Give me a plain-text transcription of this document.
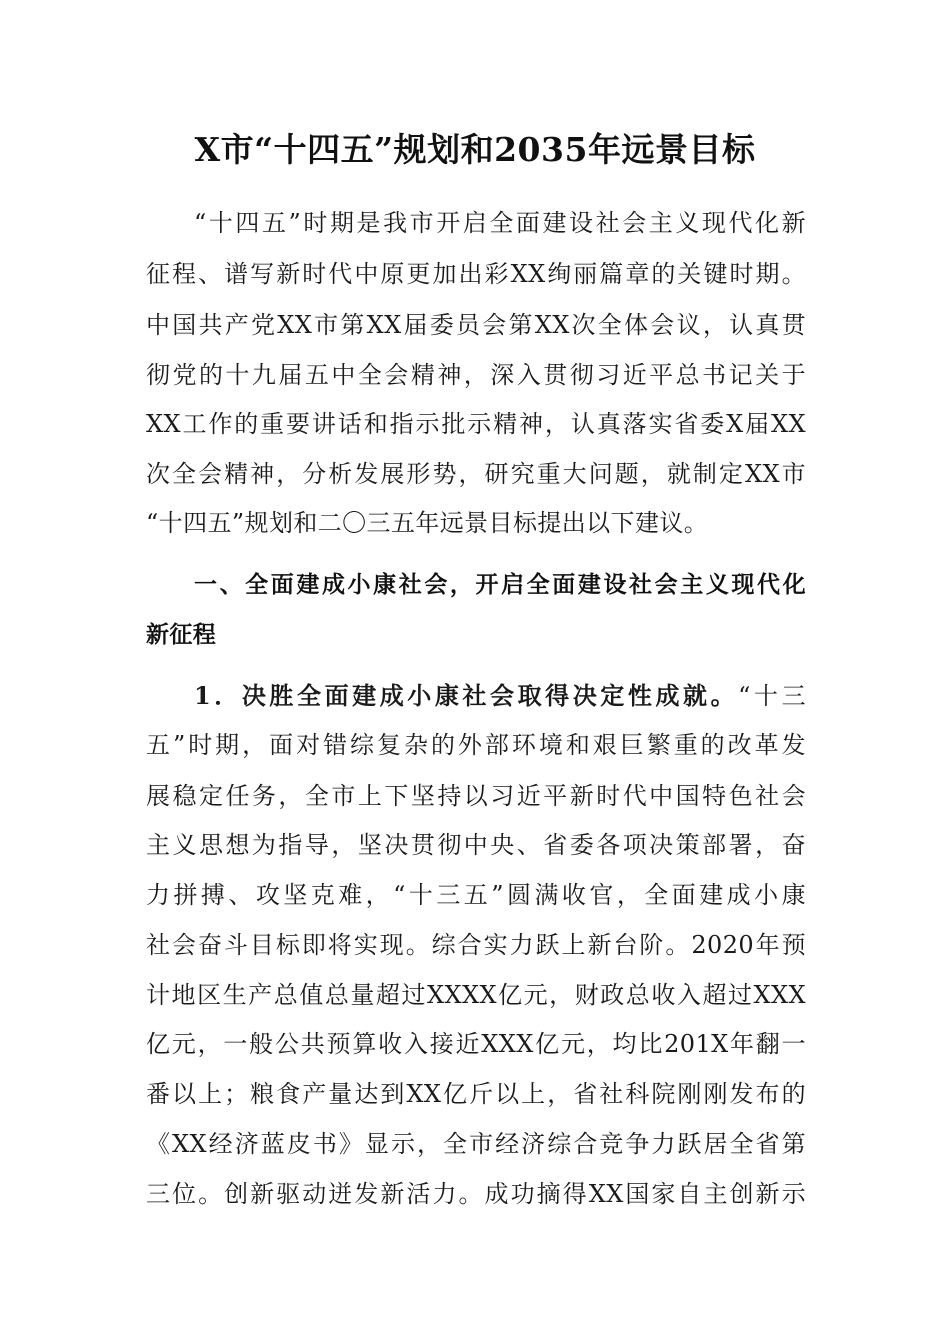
X市“十四五”规划和2035年远景目标
“十四五”时期是我市开启全面建设社会主义现代化新
征程、谱写新时代中原更加出彩XX绚丽篇章的关键时期。
中国共产党XX市第XX届委员会第XX次全体会议，认真贯
彻党的十九届五中全会精神，深入贯彻习近平总书记关于
XX工作的重要讲话和指示批示精神，认真落实省委X届XX
次全会精神，分析发展形势，研究重大问题，就制定XX市
“十四五”规划和二〇三五年远景目标提出以下建议。
一、全面建成小康社会，开启全面建设社会主义现代化
新征程
1．决胜全面建成小康社会取得决定性成就。“十三
五”时期，面对错综复杂的外部环境和艰巨繁重的改革发
展稳定任务，全市上下坚持以习近平新时代中国特色社会
主义思想为指导，坚决贯彻中央、省委各项决策部署，奋
力拼搏、攻坚克难，“十三五”圆满收官，全面建成小康
社会奋斗目标即将实现。综合实力跃上新台阶。2020年预
计地区生产总值总量超过XXXX亿元，财政总收入超过XXX
亿元，一般公共预算收入接近XXX亿元，均比201X年翻一
番以上；粮食产量达到XX亿斤以上，省社科院刚刚发布的
《XX经济蓝皮书》显示，全市经济综合竞争力跃居全省第
三位。创新驱动迸发新活力。成功摘得XX国家自主创新示
